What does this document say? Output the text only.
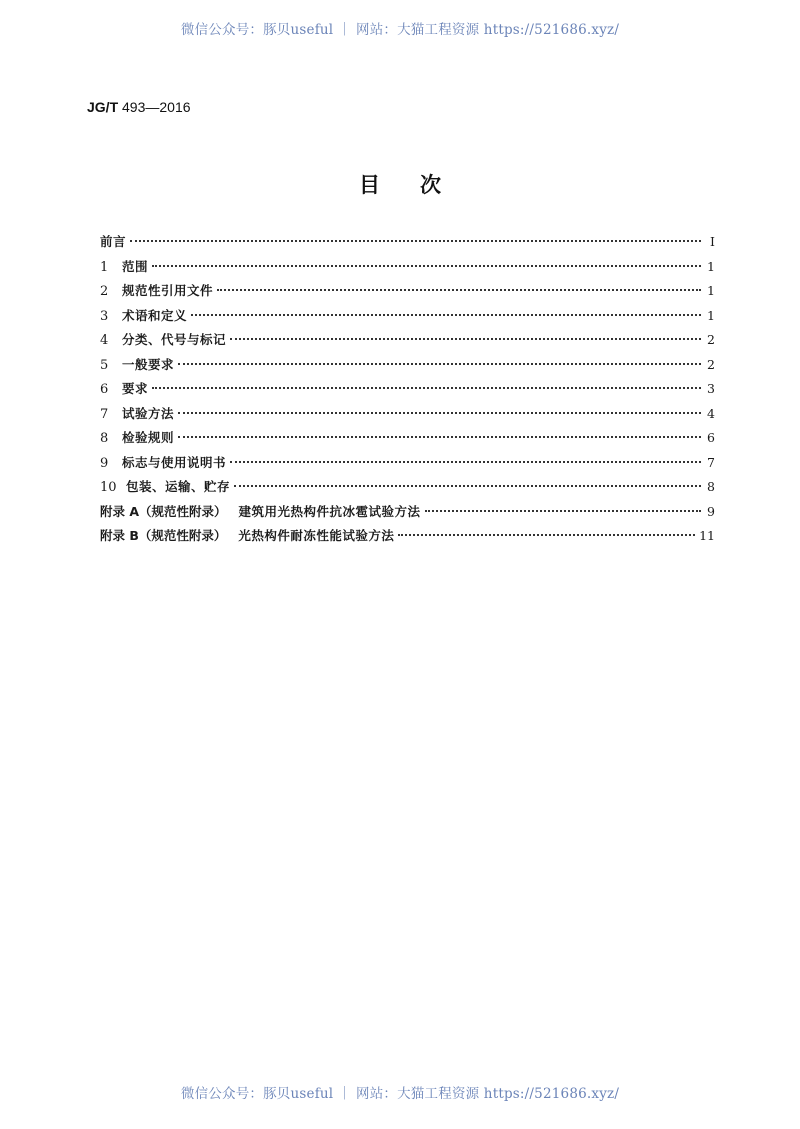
微信公众号：豚贝useful ｜ 网站：大猫工程资源 https://521686.xyz/
JG/T 493—2016
目次
前言	Ⅰ
1	范围	1
2	规范性引用文件	1
3	术语和定义	1
4	分类、代号与标记	2
5	一般要求	2
6	要求	3
7	试验方法	4
8	检验规则	6
9	标志与使用说明书	7
10 包装、运输、贮存	8
附录 A（规范性附录） 建筑用光热构件抗冰雹试验方法	9
附录 B（规范性附录） 光热构件耐冻性能试验方法	11
微信公众号：豚贝useful ｜ 网站：大猫工程资源 https://521686.xyz/
